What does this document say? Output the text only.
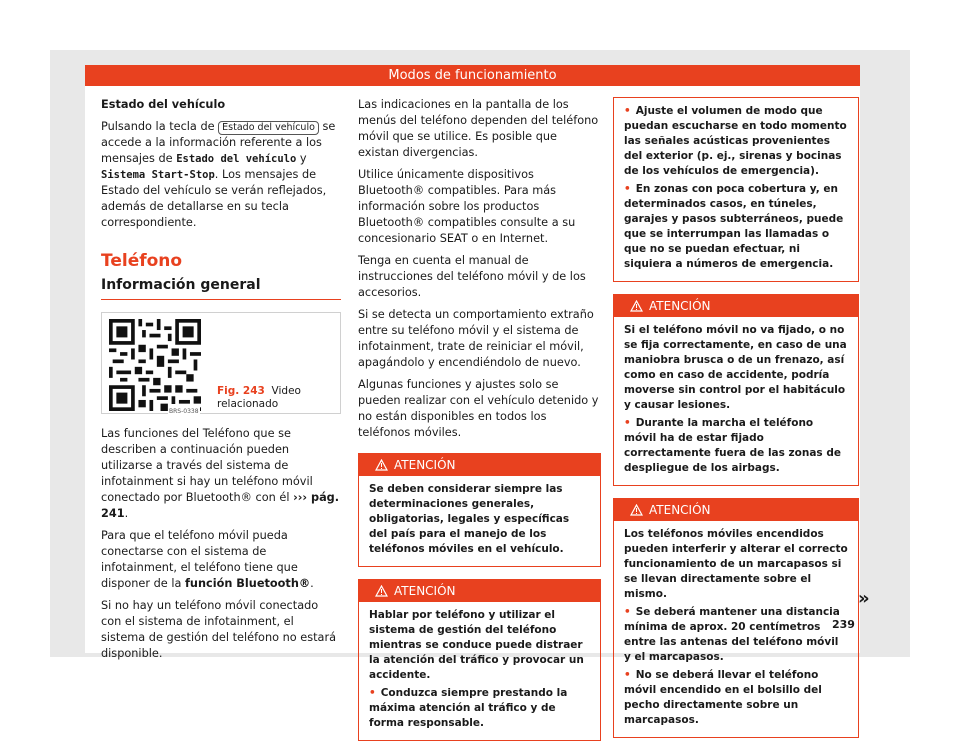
Modos de funcionamiento

Estado del vehículo

Pulsando la tecla de Estado del vehículo se accede a la información referente a los mensajes de Estado del vehículo y Sistema Start-Stop. Los mensajes de Estado del vehículo se verán reflejados, además de detallarse en su tecla correspondiente.

Teléfono
Información general
BRS-0338
Fig. 243 Video relacionado

Las funciones del Teléfono que se describen a continuación pueden utilizarse a través del sistema de infotainment si hay un teléfono móvil conectado por Bluetooth® con él ››› pág. 241.

Para que el teléfono móvil pueda conectarse con el sistema de infotainment, el teléfono tiene que disponer de la función Bluetooth®.

Si no hay un teléfono móvil conectado con el sistema de infotainment, el sistema de gestión del teléfono no estará disponible.

Las indicaciones en la pantalla de los menús del teléfono dependen del teléfono móvil que se utilice. Es posible que existan divergencias.

Utilice únicamente dispositivos Bluetooth® compatibles. Para más información sobre los productos Bluetooth® compatibles consulte a su concesionario SEAT o en Internet.

Tenga en cuenta el manual de instrucciones del teléfono móvil y de los accesorios.

Si se detecta un comportamiento extraño entre su teléfono móvil y el sistema de infotainment, trate de reiniciar el móvil, apagándolo y encendiéndolo de nuevo.

Algunas funciones y ajustes solo se pueden realizar con el vehículo detenido y no están disponibles en todos los teléfonos móviles.

ATENCIÓN

Se deben considerar siempre las determinaciones generales, obligatorias, legales y específicas del país para el manejo de los teléfonos móviles en el vehículo.

ATENCIÓN

Hablar por teléfono y utilizar el sistema de gestión del teléfono mientras se conduce puede distraer la atención del tráfico y provocar un accidente.

• Conduzca siempre prestando la máxima atención al tráfico y de forma responsable.

• Ajuste el volumen de modo que puedan escucharse en todo momento las señales acústicas provenientes del exterior (p. ej., sirenas y bocinas de los vehículos de emergencia).

• En zonas con poca cobertura y, en determinados casos, en túneles, garajes y pasos subterráneos, puede que se interrumpan las llamadas o que no se puedan efectuar, ni siquiera a números de emergencia.

ATENCIÓN

Si el teléfono móvil no va fijado, o no se fija correctamente, en caso de una maniobra brusca o de un frenazo, así como en caso de accidente, podría moverse sin control por el habitáculo y causar lesiones.

• Durante la marcha el teléfono móvil ha de estar fijado correctamente fuera de las zonas de despliegue de los airbags.

ATENCIÓN

Los teléfonos móviles encendidos pueden interferir y alterar el correcto funcionamiento de un marcapasos si se llevan directamente sobre el mismo.

• Se deberá mantener una distancia mínima de aprox. 20 centímetros entre las antenas del teléfono móvil y el marcapasos.

• No se deberá llevar el teléfono móvil encendido en el bolsillo del pecho directamente sobre un marcapasos.

»
239
